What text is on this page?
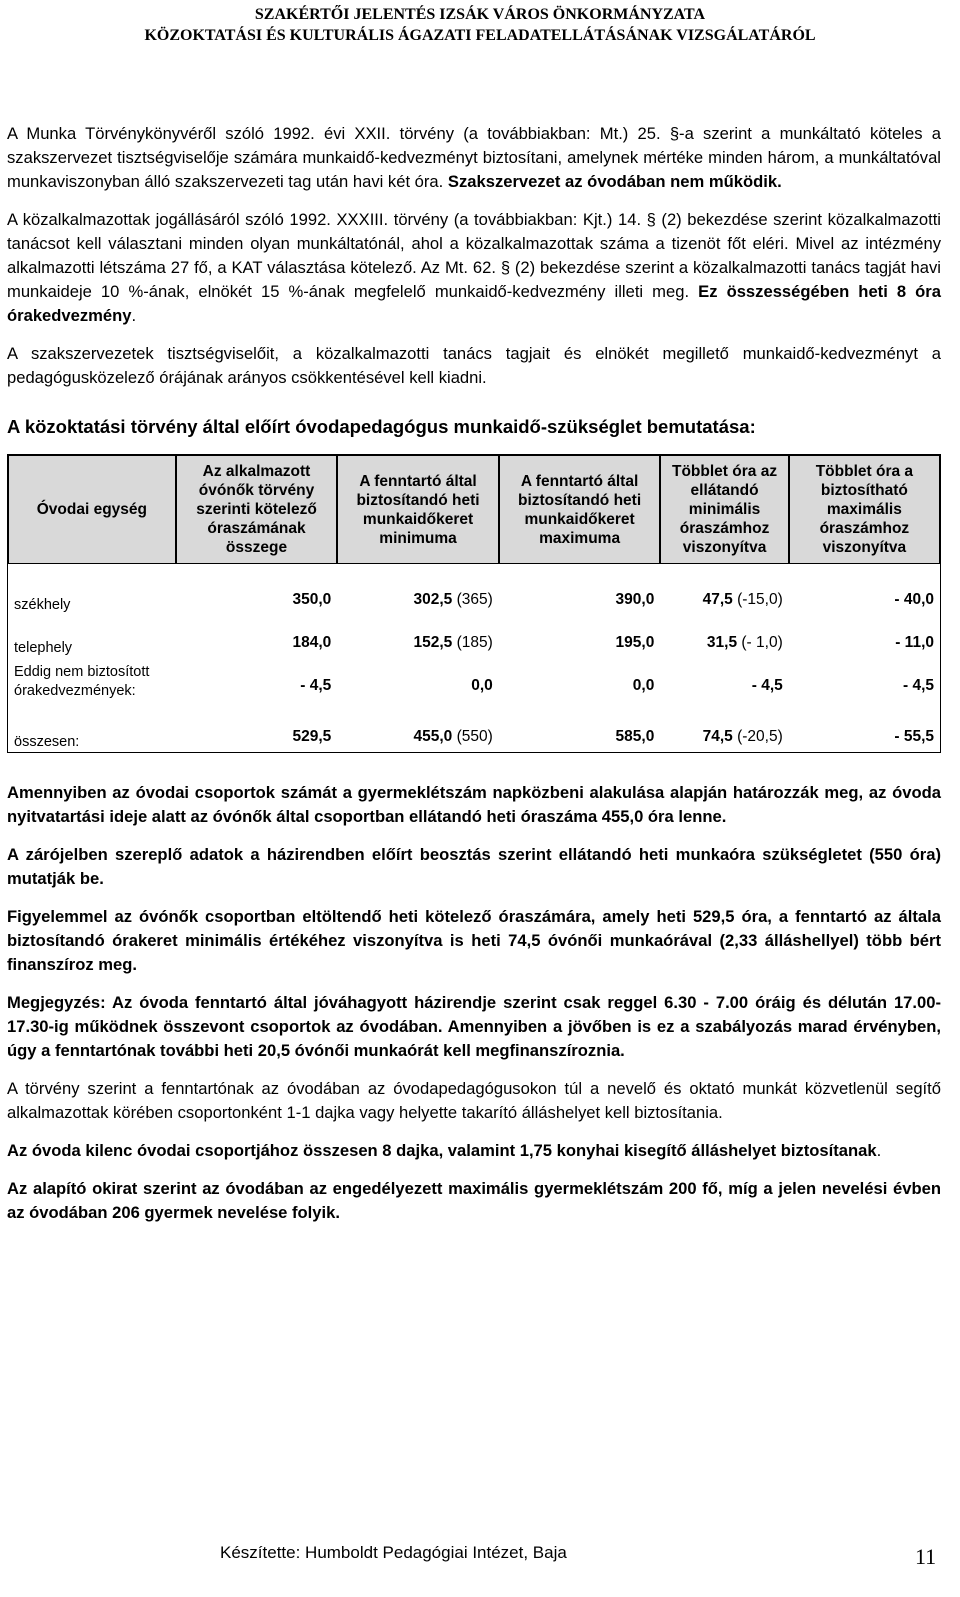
SZAKÉRTŐI JELENTÉS IZSÁK VÁROS ÖNKORMÁNYZATA
KÖZOKTATÁSI ÉS KULTURÁLIS ÁGAZATI FELADATELLÁTÁSÁNAK VIZSGÁLATÁRÓL

A Munka Törvénykönyvéről szóló 1992. évi XXII. törvény (a továbbiakban: Mt.) 25. §-a szerint a munkáltató köteles a szakszervezet tisztségviselője számára munkaidő-kedvezményt biztosítani, amelynek mértéke minden három, a munkáltatóval munkaviszonyban álló szakszervezeti tag után havi két óra. Szakszervezet az óvodában nem működik.

A közalkalmazottak jogállásáról szóló 1992. XXXIII. törvény (a továbbiakban: Kjt.) 14. § (2) bekezdése szerint közalkalmazotti tanácsot kell választani minden olyan munkáltatónál, ahol a közalkalmazottak száma a tizenöt főt eléri. Mivel az intézmény alkalmazotti létszáma 27 fő, a KAT választása kötelező. Az Mt. 62. § (2) bekezdése szerint a közalkalmazotti tanács tagját havi munkaideje 10 %-ának, elnökét 15 %-ának megfelelő munkaidő-kedvezmény illeti meg. Ez összességében heti 8 óra órakedvezmény.

A szakszervezetek tisztségviselőit, a közalkalmazotti tanács tagjait és elnökét megillető munkaidő-kedvezményt a pedagógusközelező órájának arányos csökkentésével kell kiadni.

A közoktatási törvény által előírt óvodapedagógus munkaidő-szükséglet bemutatása:
Óvodai egység	Az alkalmazott óvónők törvény szerinti kötelező óraszámának összege	A fenntartó által biztosítandó heti munkaidőkeret minimuma	A fenntartó által biztosítandó heti munkaidőkeret maximuma	Többlet óra az ellátandó minimális óraszámhoz viszonyítva	Többlet óra a biztosítható maximális óraszámhoz viszonyítva

székhely	350,0	302,5 (365)	390,0	47,5 (-15,0)	- 40,0

telephely	184,0	152,5 (185)	195,0	31,5 (- 1,0)	- 11,0
Eddig nem biztosított órakedvezmények:	- 4,5	0,0	0,0	- 4,5	- 4,5

összesen:	529,5	455,0 (550)	585,0	74,5 (-20,5)	- 55,5

Amennyiben az óvodai csoportok számát a gyermeklétszám napközbeni alakulása alapján határozzák meg, az óvoda nyitvatartási ideje alatt az óvónők által csoportban ellátandó heti óraszáma 455,0 óra lenne.

A zárójelben szereplő adatok a házirendben előírt beosztás szerint ellátandó heti munkaóra szükségletet (550 óra) mutatják be.

Figyelemmel az óvónők csoportban eltöltendő heti kötelező óraszámára, amely heti 529,5 óra, a fenntartó az általa biztosítandó órakeret minimális értékéhez viszonyítva is heti 74,5 óvónői munkaórával (2,33 álláshellyel) több bért finanszíroz meg.

Megjegyzés: Az óvoda fenntartó által jóváhagyott házirendje szerint csak reggel 6.30 - 7.00 óráig és délután 17.00-17.30-ig működnek összevont csoportok az óvodában. Amennyiben a jövőben is ez a szabályozás marad érvényben, úgy a fenntartónak további heti 20,5 óvónői munkaórát kell megfinanszíroznia.

A törvény szerint a fenntartónak az óvodában az óvodapedagógusokon túl a nevelő és oktató munkát közvetlenül segítő alkalmazottak körében csoportonként 1-1 dajka vagy helyette takarító álláshelyet kell biztosítania.

Az óvoda kilenc óvodai csoportjához összesen 8 dajka, valamint 1,75 konyhai kisegítő álláshelyet biztosítanak.

Az alapító okirat szerint az óvodában az engedélyezett maximális gyermeklétszám 200 fő, míg a jelen nevelési évben az óvodában 206 gyermek nevelése folyik.

Készítette: Humboldt Pedagógiai Intézet, Baja	11
